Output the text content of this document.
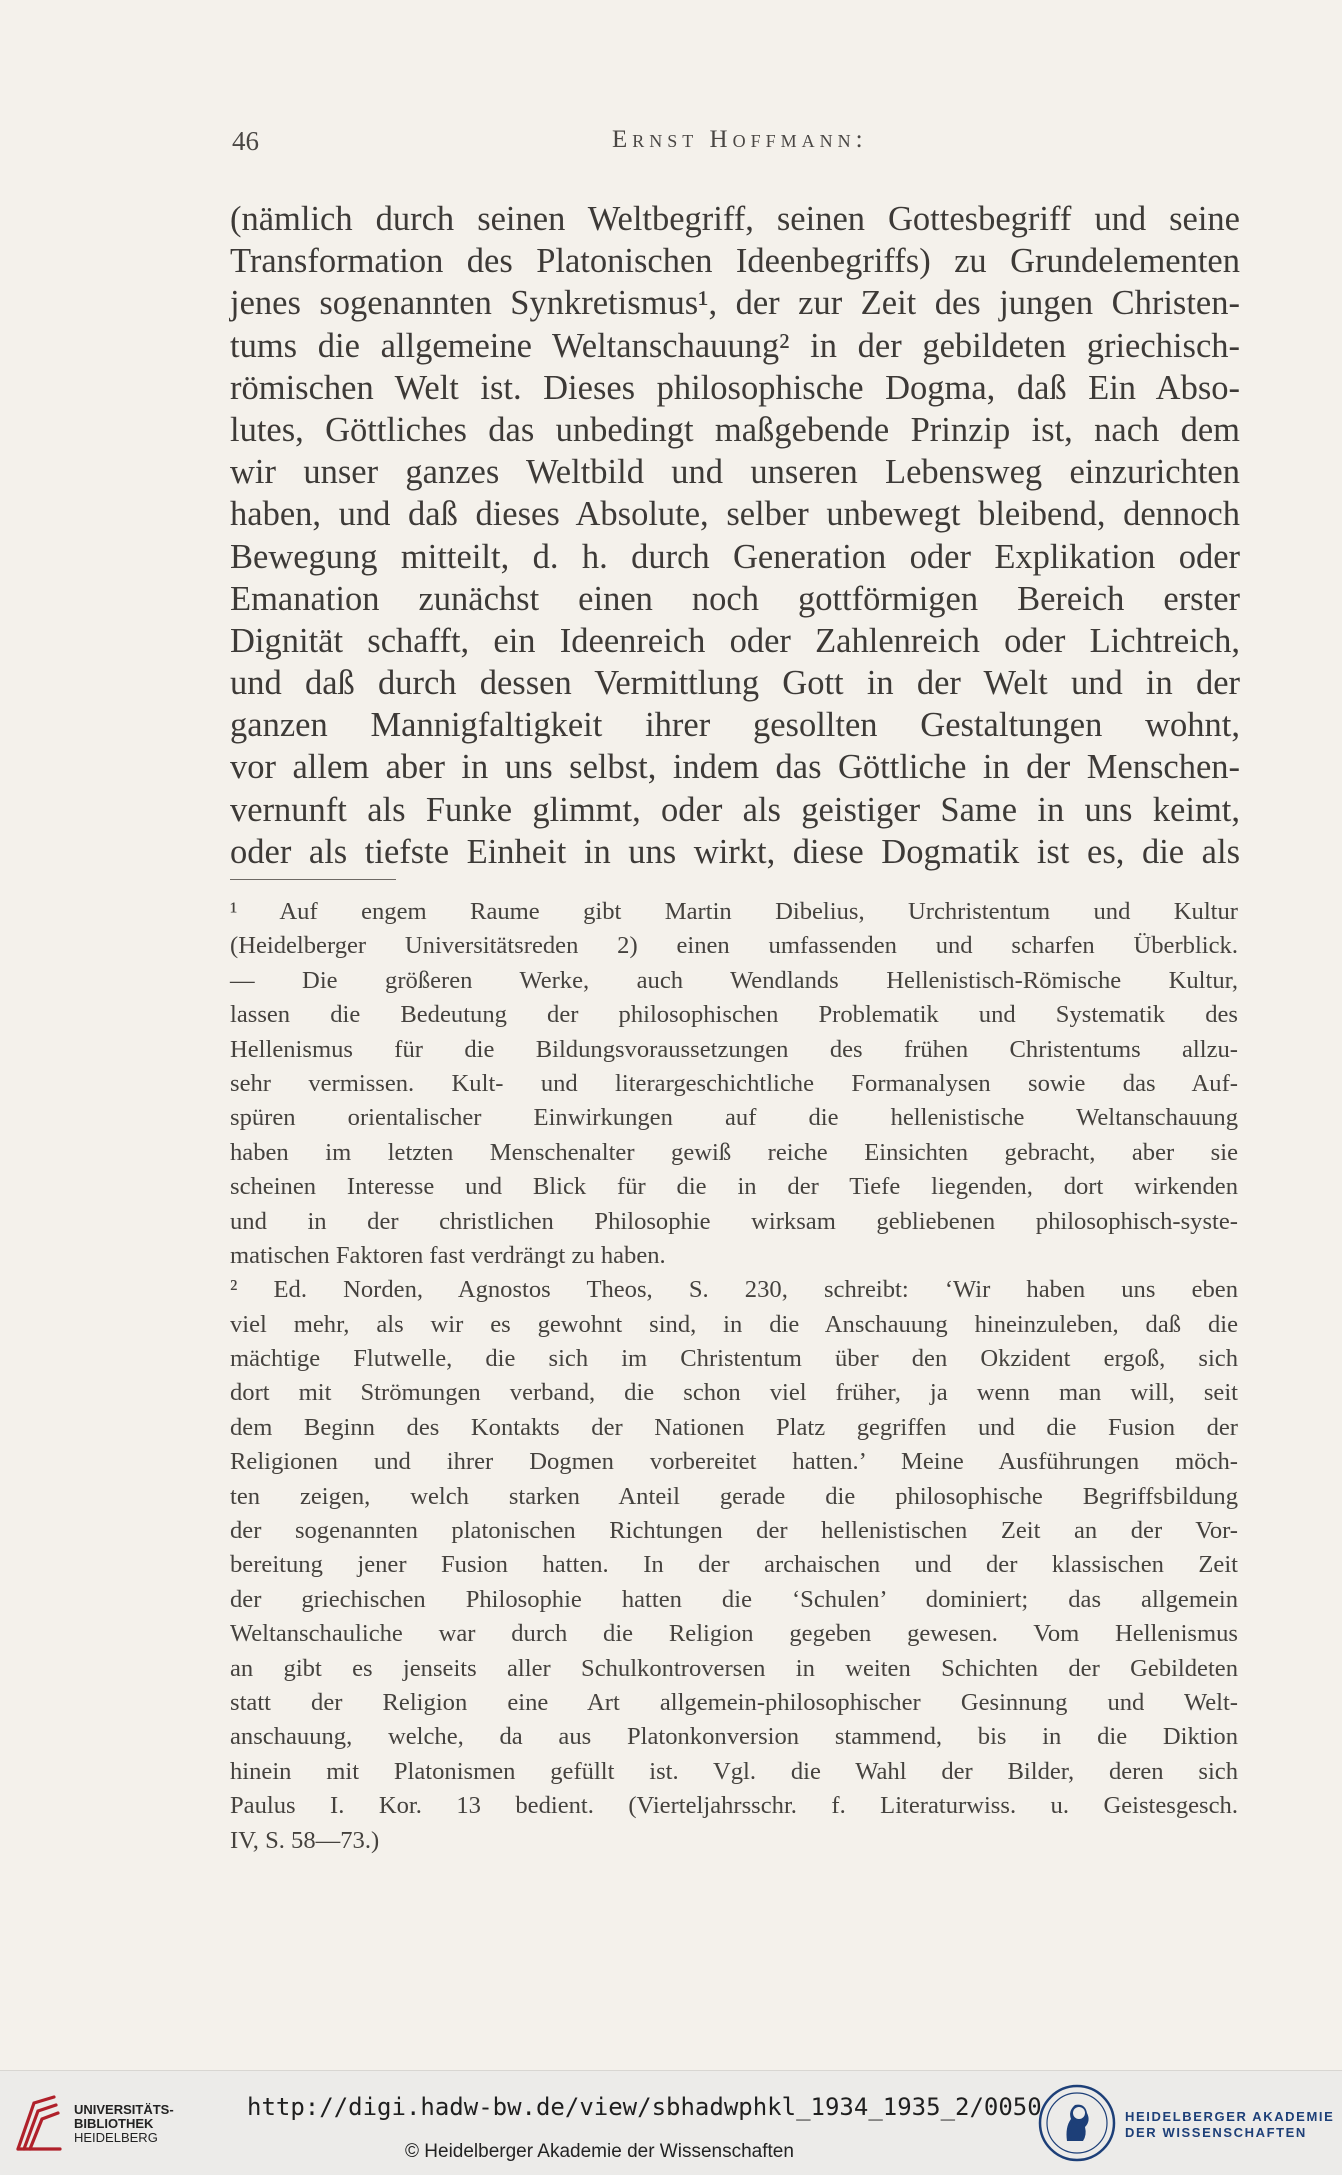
46	Ernst Hoffmann:
(nämlich durch seinen Weltbegriff, seinen Gottesbegriff und seine
Transformation des Platonischen Ideenbegriffs) zu Grundelementen
jenes sogenannten Synkretismus¹, der zur Zeit des jungen Christen-
tums die allgemeine Weltanschauung² in der gebildeten griechisch-
römischen Welt ist. Dieses philosophische Dogma, daß Ein Abso-
lutes, Göttliches das unbedingt maßgebende Prinzip ist, nach dem
wir unser ganzes Weltbild und unseren Lebensweg einzurichten
haben, und daß dieses Absolute, selber unbewegt bleibend, dennoch
Bewegung mitteilt, d. h. durch Generation oder Explikation oder
Emanation zunächst einen noch gottförmigen Bereich erster
Dignität schafft, ein Ideenreich oder Zahlenreich oder Lichtreich,
und daß durch dessen Vermittlung Gott in der Welt und in der
ganzen Mannigfaltigkeit ihrer gesollten Gestaltungen wohnt,
vor allem aber in uns selbst, indem das Göttliche in der Menschen-
vernunft als Funke glimmt, oder als geistiger Same in uns keimt,
oder als tiefste Einheit in uns wirkt, diese Dogmatik ist es, die als
¹ Auf engem Raume gibt Martin Dibelius, Urchristentum und Kultur
(Heidelberger Universitätsreden 2) einen umfassenden und scharfen Überblick.
— Die größeren Werke, auch Wendlands Hellenistisch-Römische Kultur,
lassen die Bedeutung der philosophischen Problematik und Systematik des
Hellenismus für die Bildungsvoraussetzungen des frühen Christentums allzu-
sehr vermissen. Kult- und literargeschichtliche Formanalysen sowie das Auf-
spüren orientalischer Einwirkungen auf die hellenistische Weltanschauung
haben im letzten Menschenalter gewiß reiche Einsichten gebracht, aber sie
scheinen Interesse und Blick für die in der Tiefe liegenden, dort wirkenden
und in der christlichen Philosophie wirksam gebliebenen philosophisch-syste-
matischen Faktoren fast verdrängt zu haben.
² Ed. Norden, Agnostos Theos, S. 230, schreibt: ‘Wir haben uns eben
viel mehr, als wir es gewohnt sind, in die Anschauung hineinzuleben, daß die
mächtige Flutwelle, die sich im Christentum über den Okzident ergoß, sich
dort mit Strömungen verband, die schon viel früher, ja wenn man will, seit
dem Beginn des Kontakts der Nationen Platz gegriffen und die Fusion der
Religionen und ihrer Dogmen vorbereitet hatten.’ Meine Ausführungen möch-
ten zeigen, welch starken Anteil gerade die philosophische Begriffsbildung
der sogenannten platonischen Richtungen der hellenistischen Zeit an der Vor-
bereitung jener Fusion hatten. In der archaischen und der klassischen Zeit
der griechischen Philosophie hatten die ‘Schulen’ dominiert; das allgemein
Weltanschauliche war durch die Religion gegeben gewesen. Vom Hellenismus
an gibt es jenseits aller Schulkontroversen in weiten Schichten der Gebildeten
statt der Religion eine Art allgemein-philosophischer Gesinnung und Welt-
anschauung, welche, da aus Platonkonversion stammend, bis in die Diktion
hinein mit Platonismen gefüllt ist. Vgl. die Wahl der Bilder, deren sich
Paulus I. Kor. 13 bedient. (Vierteljahrsschr. f. Literaturwiss. u. Geistesgesch.
IV, S. 58—73.)
UNIVERSITÄTS-
BIBLIOTHEK
HEIDELBERG
http://digi.hadw-bw.de/view/sbhadwphkl_1934_1935_2/0050
© Heidelberger Akademie der Wissenschaften
HEIDELBERGER AKADEMIE
DER WISSENSCHAFTEN
